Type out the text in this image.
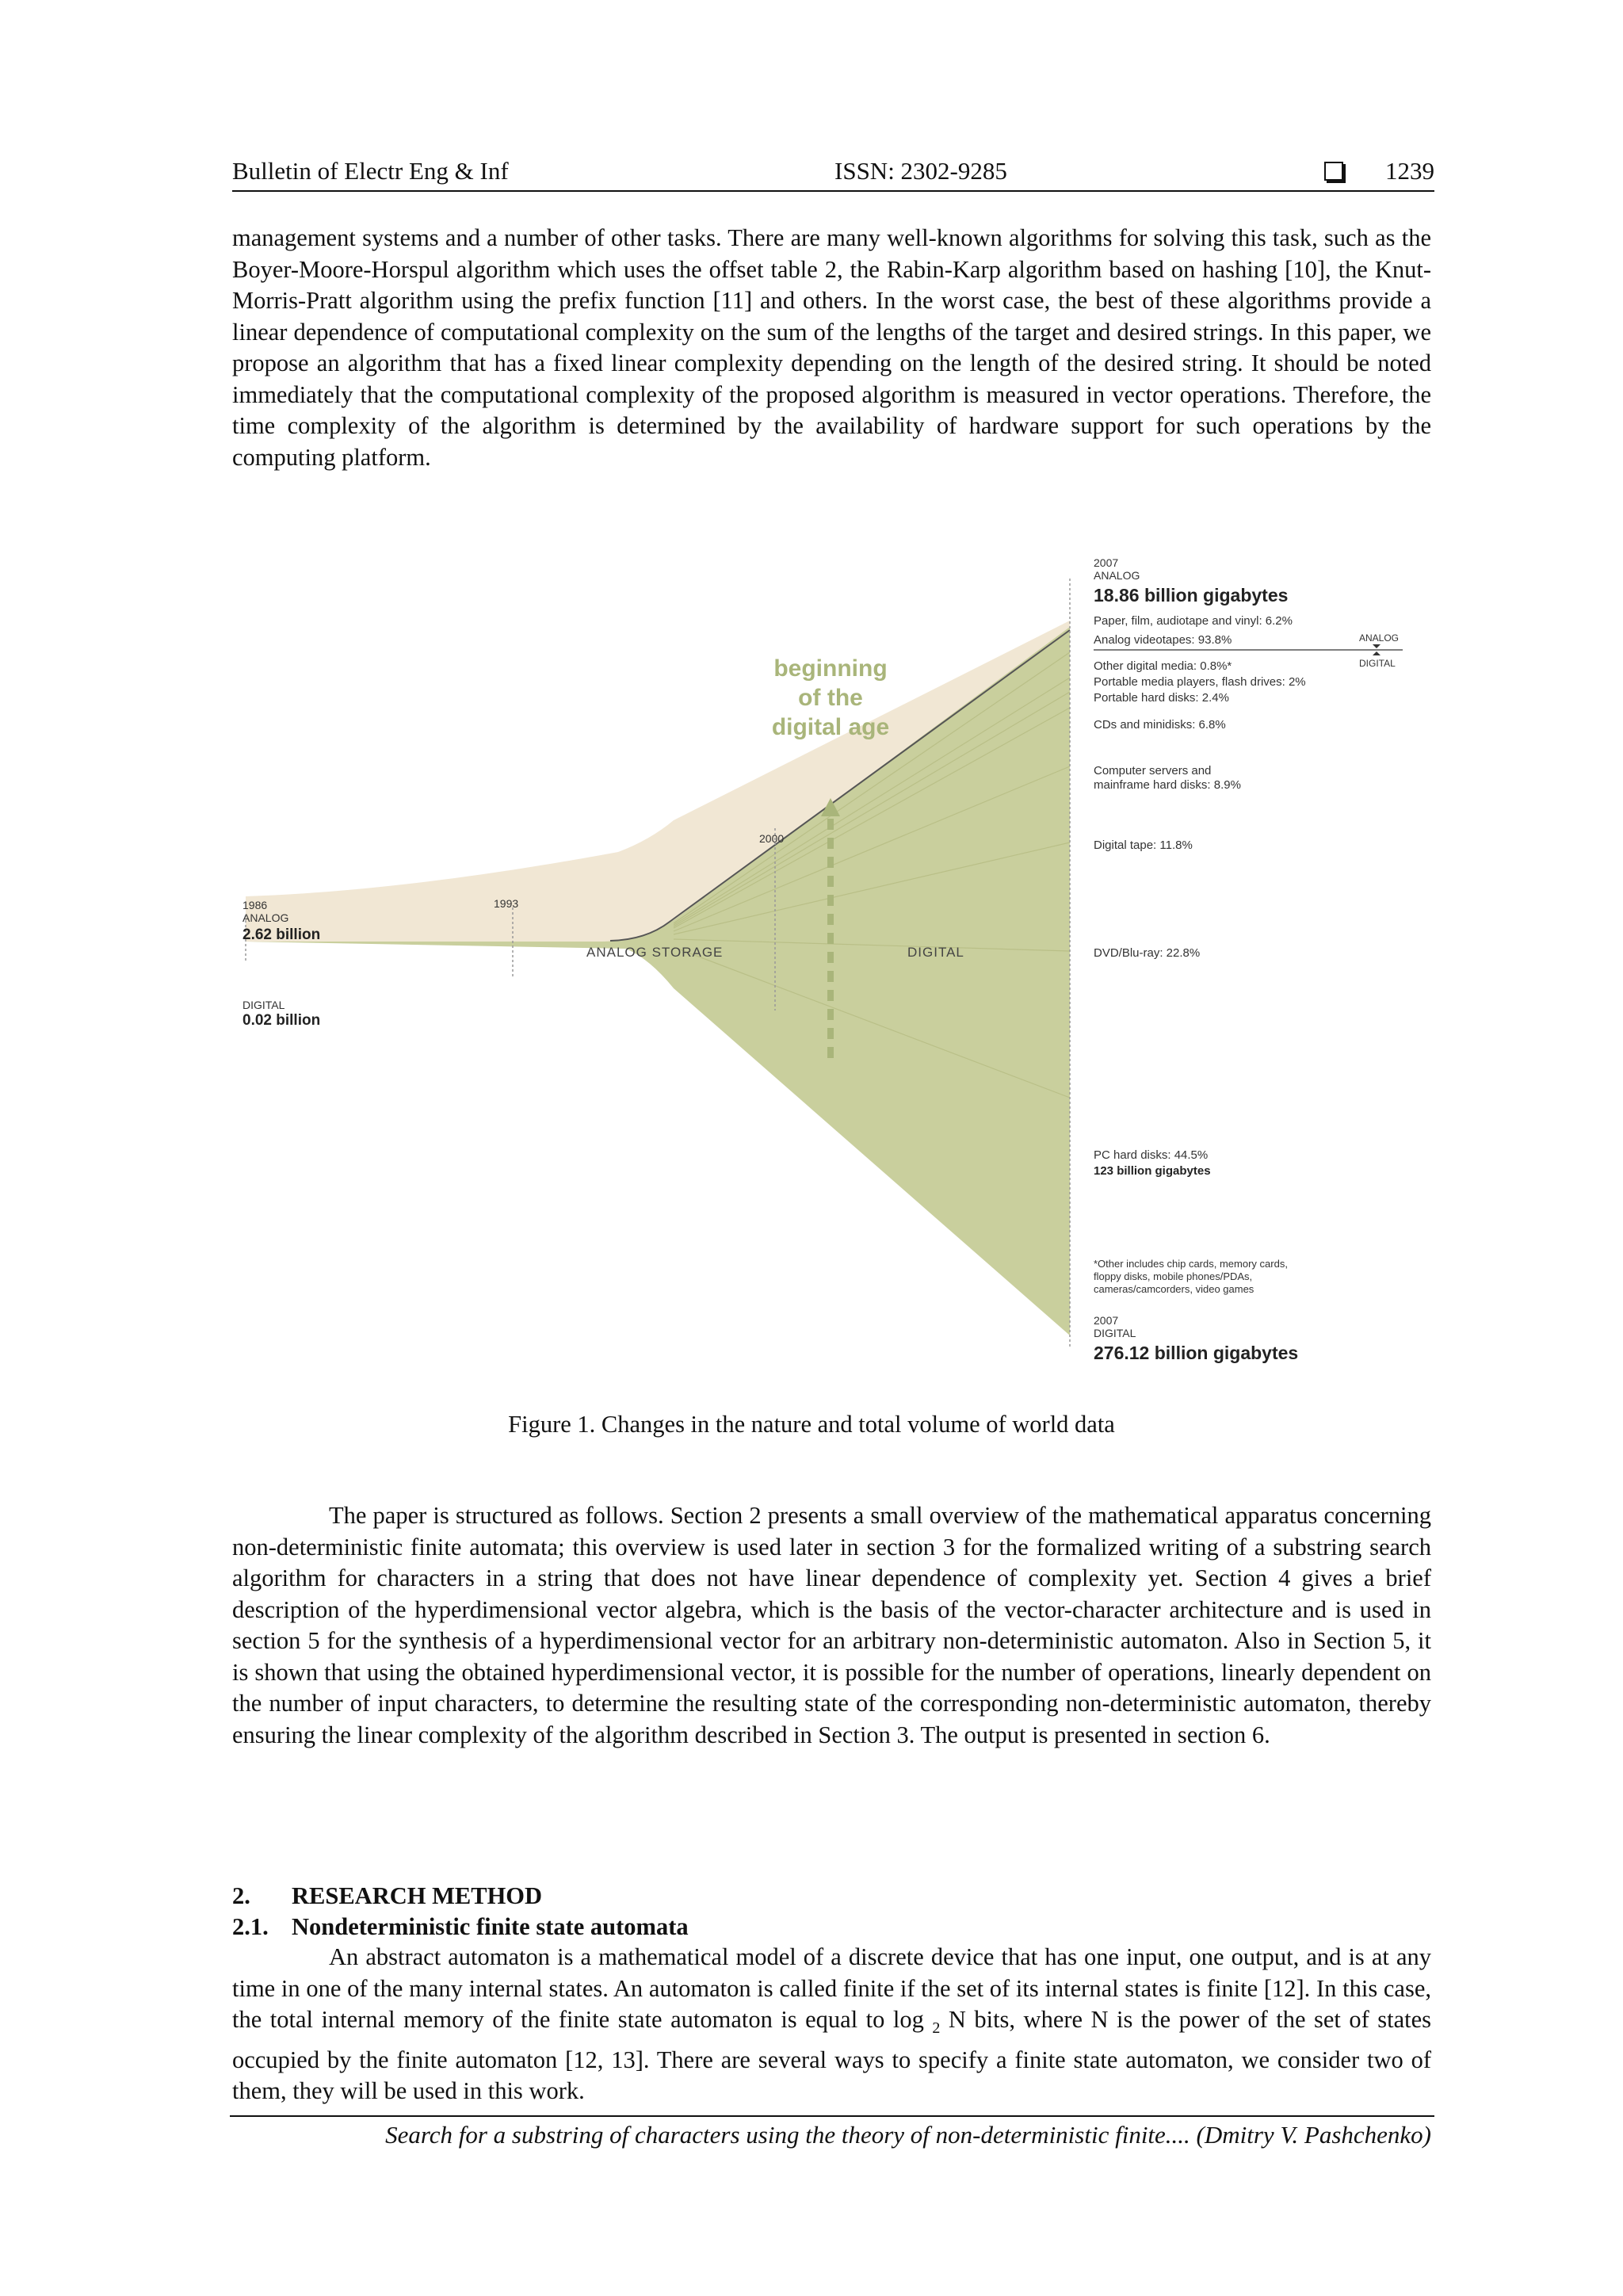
Bulletin of Electr Eng & Inf	ISSN: 2302-9285	1239

management systems and a number of other tasks. There are many well-known algorithms for solving this task, such as the Boyer-Moore-Horspul algorithm which uses the offset table 2, the Rabin-Karp algorithm based on hashing [10], the Knut-Morris-Pratt algorithm using the prefix function [11] and others. In the worst case, the best of these algorithms provide a linear dependence of computational complexity on the sum of the lengths of the target and desired strings. In this paper, we propose an algorithm that has a fixed linear complexity depending on the length of the desired string. It should be noted immediately that the computational complexity of the proposed algorithm is measured in vector operations. Therefore, the time complexity of the algorithm is determined by the availability of hardware support for such operations by the computing platform.

beginning
of the
digital age
1986
ANALOG
2.62 billion
DIGITAL
0.02 billion
1993
2000
ANALOG STORAGE	DIGITAL
2007
ANALOG
18.86 billion gigabytes
Paper, film, audiotape and vinyl: 6.2%
Analog videotapes: 93.8%	ANALOG
DIGITAL
Other digital media: 0.8%*
Portable media players, flash drives: 2%
Portable hard disks: 2.4%
CDs and minidisks: 6.8%
Computer servers and
mainframe hard disks: 8.9%
Digital tape: 11.8%
DVD/Blu-ray: 22.8%
PC hard disks: 44.5%
123 billion gigabytes
*Other includes chip cards, memory cards,
floppy disks, mobile phones/PDAs,
cameras/camcorders, video games
2007
DIGITAL
276.12 billion gigabytes
Figure 1. Changes in the nature and total volume of world data

The paper is structured as follows. Section 2 presents a small overview of the mathematical apparatus concerning non-deterministic finite automata; this overview is used later in section 3 for the formalized writing of a substring search algorithm for characters in a string that does not have linear dependence of complexity yet. Section 4 gives a brief description of the hyperdimensional vector algebra, which is the basis of the vector-character architecture and is used in section 5 for the synthesis of a hyperdimensional vector for an arbitrary non-deterministic automaton. Also in Section 5, it is shown that using the obtained hyperdimensional vector, it is possible for the number of operations, linearly dependent on the number of input characters, to determine the resulting state of the corresponding non-deterministic automaton, thereby ensuring the linear complexity of the algorithm described in Section 3. The output is presented in section 6.

2. RESEARCH METHOD
2.1. Nondeterministic finite state automata

An abstract automaton is a mathematical model of a discrete device that has one input, one output, and is at any time in one of the many internal states. An automaton is called finite if the set of its internal states is finite [12]. In this case, the total internal memory of the finite state automaton is equal to log $_2$ N bits, where N is the power of the set of states occupied by the finite automaton [12, 13]. There are several ways to specify a finite state automaton, we consider two of them, they will be used in this work.

Search for a substring of characters using the theory of non-deterministic finite.... (Dmitry V. Pashchenko)
